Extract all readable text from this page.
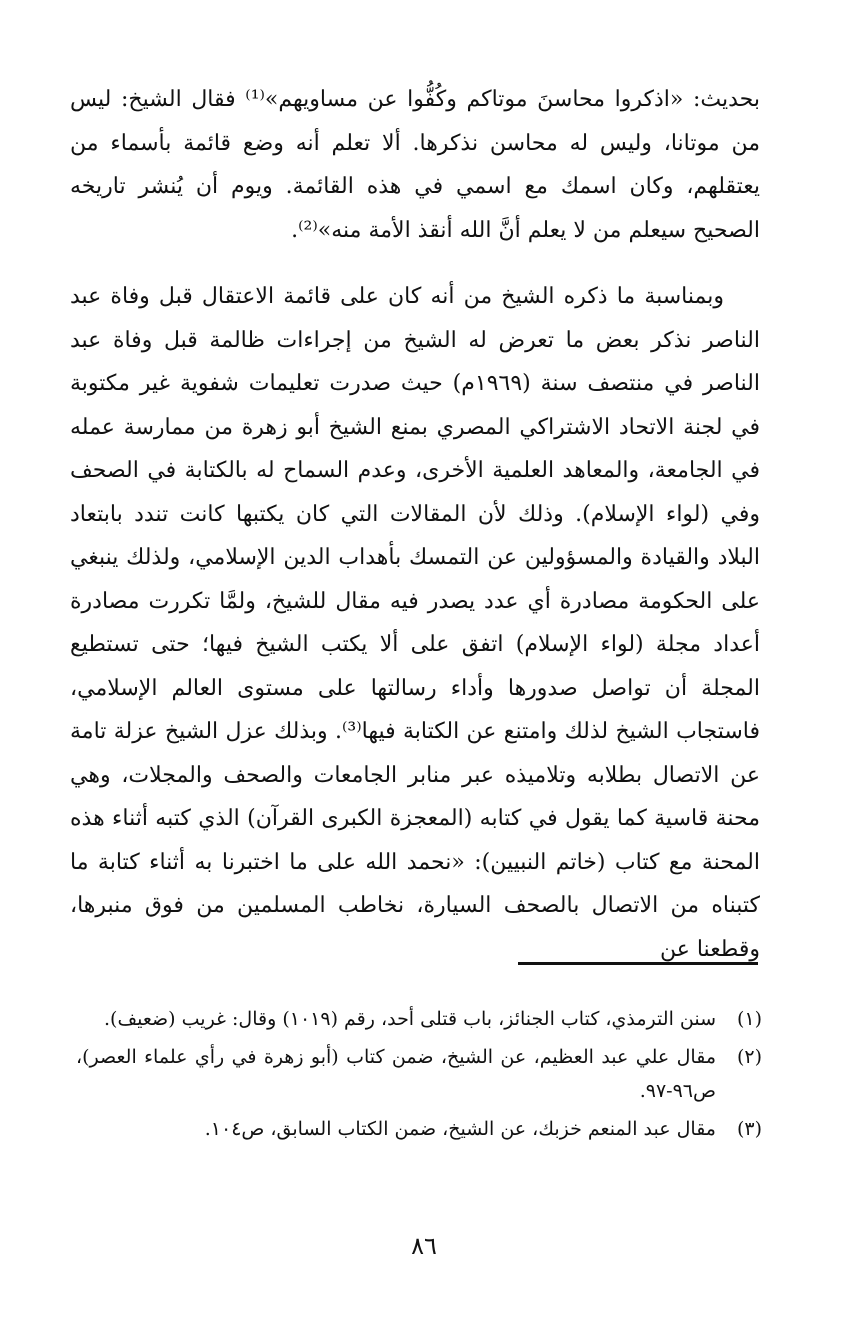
بحديث: «اذكروا محاسنَ موتاكم وكُفُّوا عن مساويهم»⁽¹⁾ فقال الشيخ: ليس من موتانا، وليس له محاسن نذكرها. ألا تعلم أنه وضع قائمة بأسماء من يعتقلهم، وكان اسمك مع اسمي في هذه القائمة. ويوم أن يُنشر تاريخه الصحيح سيعلم من لا يعلم أنَّ الله أنقذ الأمة منه»⁽²⁾.

وبمناسبة ما ذكره الشيخ من أنه كان على قائمة الاعتقال قبل وفاة عبد الناصر نذكر بعض ما تعرض له الشيخ من إجراءات ظالمة قبل وفاة عبد الناصر في منتصف سنة (١٩٦٩م) حيث صدرت تعليمات شفوية غير مكتوبة في لجنة الاتحاد الاشتراكي المصري بمنع الشيخ أبو زهرة من ممارسة عمله في الجامعة، والمعاهد العلمية الأخرى، وعدم السماح له بالكتابة في الصحف وفي (لواء الإسلام). وذلك لأن المقالات التي كان يكتبها كانت تندد بابتعاد البلاد والقيادة والمسؤولين عن التمسك بأهداب الدين الإسلامي، ولذلك ينبغي على الحكومة مصادرة أي عدد يصدر فيه مقال للشيخ، ولمَّا تكررت مصادرة أعداد مجلة (لواء الإسلام) اتفق على ألا يكتب الشيخ فيها؛ حتى تستطيع المجلة أن تواصل صدورها وأداء رسالتها على مستوى العالم الإسلامي، فاستجاب الشيخ لذلك وامتنع عن الكتابة فيها⁽³⁾. وبذلك عزل الشيخ عزلة تامة عن الاتصال بطلابه وتلاميذه عبر منابر الجامعات والصحف والمجلات، وهي محنة قاسية كما يقول في كتابه (المعجزة الكبرى القرآن) الذي كتبه أثناء هذه المحنة مع كتاب (خاتم النبيين): «نحمد الله على ما اختبرنا به أثناء كتابة ما كتبناه من الاتصال بالصحف السيارة، نخاطب المسلمين من فوق منبرها، وقطعنا عن

(١)
سنن الترمذي، كتاب الجنائز، باب قتلى أحد، رقم (١٠١٩) وقال: غريب (ضعيف).
(٢)
مقال علي عبد العظيم، عن الشيخ، ضمن كتاب (أبو زهرة في رأي علماء العصر)، ص٩٦-٩٧.
(٣)
مقال عبد المنعم خزبك، عن الشيخ، ضمن الكتاب السابق، ص١٠٤.
٨٦
